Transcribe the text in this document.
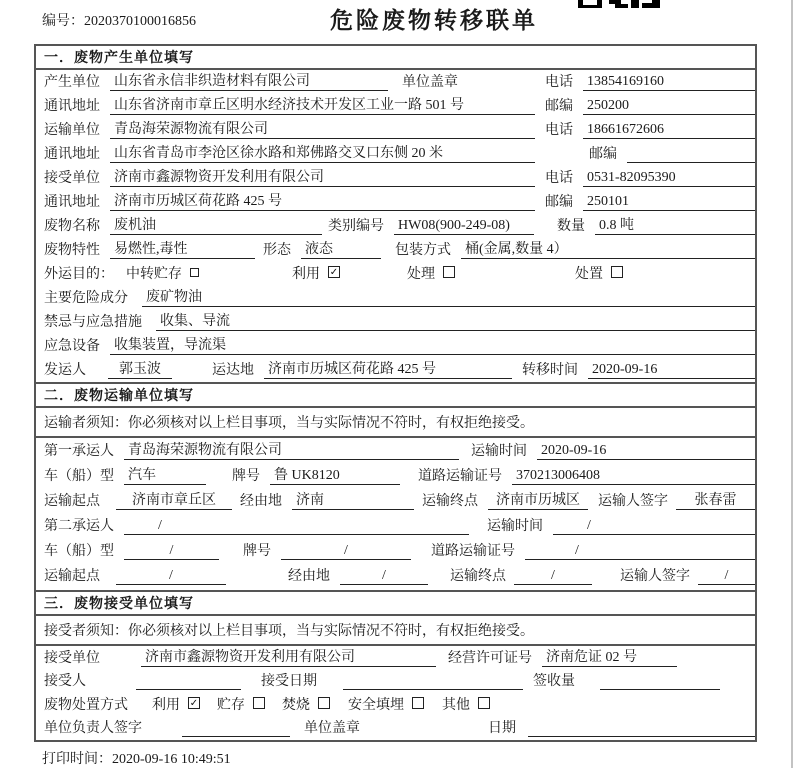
编号：2020370100016856	危险废物转移联单
一．废物产生单位填写
产生单位 山东省永信非织造材料有限公司	单位盖章	电话 13854169160
通讯地址 山东省济南市章丘区明水经济技术开发区工业一路 501 号	邮编 250200
运输单位 青岛海荣源物流有限公司	电话 18661672606
通讯地址 山东省青岛市李沧区徐水路和郑佛路交叉口东侧 20 米	邮编
接受单位 济南市鑫源物资开发利用有限公司	电话 0531-82095390
通讯地址 济南市历城区荷花路 425 号	邮编 250101
废物名称 废机油	类别编号 HW08(900-249-08)	数量 0.8 吨
废物特性 易燃性,毒性	形态 液态	包装方式 桶(金属,数量 4）
外运目的： 中转贮存	利用 ✓	处理	处置
主要危险成分 废矿物油
禁忌与应急措施 收集、导流
应急设备 收集装置，导流渠
发运人	郭玉波	运达地 济南市历城区荷花路 425 号	转移时间 2020-09-16
二．废物运输单位填写
运输者须知：你必须核对以上栏目事项，当与实际情况不符时，有权拒绝接受。
第一承运人 青岛海荣源物流有限公司	运输时间 2020-09-16
车（船）型 汽车	牌号 鲁 UK8120	道路运输证号 370213006408
运输起点	济南市章丘区	经由地 济南	运输终点	济南市历城区	运输人签字	张春雷
第二承运人	/	运输时间	/
车（船）型	/	牌号	/	道路运输证号	/
运输起点	/	经由地	/	运输终点	/	运输人签字	/
三．废物接受单位填写
接受者须知：你必须核对以上栏目事项，当与实际情况不符时，有权拒绝接受。
接受单位	济南市鑫源物资开发利用有限公司	经营许可证号 济南危证 02 号
接受人	接受日期	签收量
废物处置方式 利用 ✓ 贮存	焚烧	安全填埋	其他
单位负责人签字	单位盖章	日期
打印时间：2020-09-16 10:49:51
